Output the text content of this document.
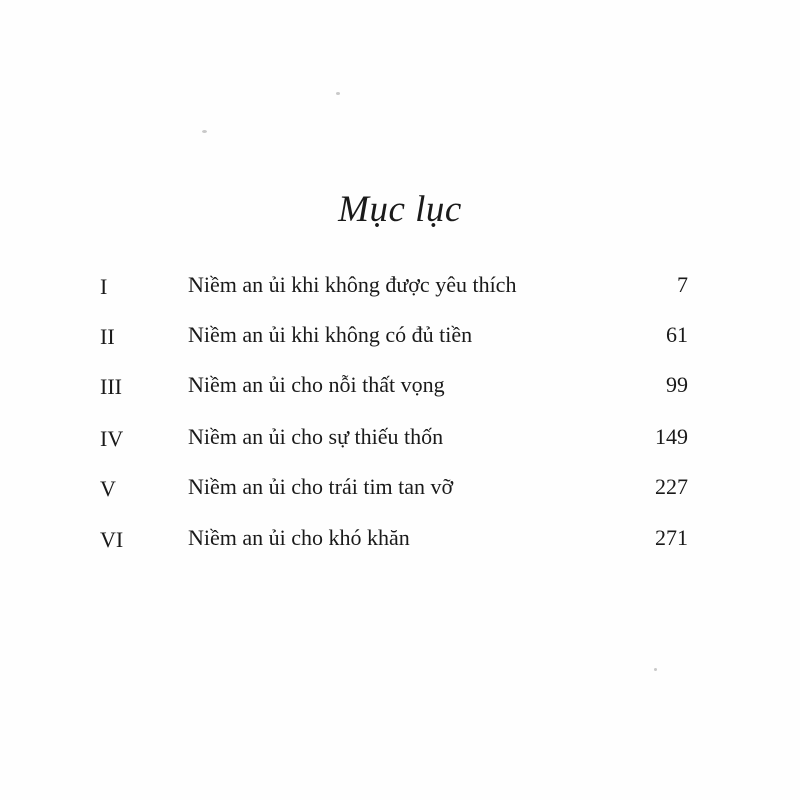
Mục lục
I	Niềm an ủi khi không được yêu thích	7
II	Niềm an ủi khi không có đủ tiền	61
III	Niềm an ủi cho nỗi thất vọng	99
IV	Niềm an ủi cho sự thiếu thốn	149
V	Niềm an ủi cho trái tim tan vỡ	227
VI	Niềm an ủi cho khó khăn	271
